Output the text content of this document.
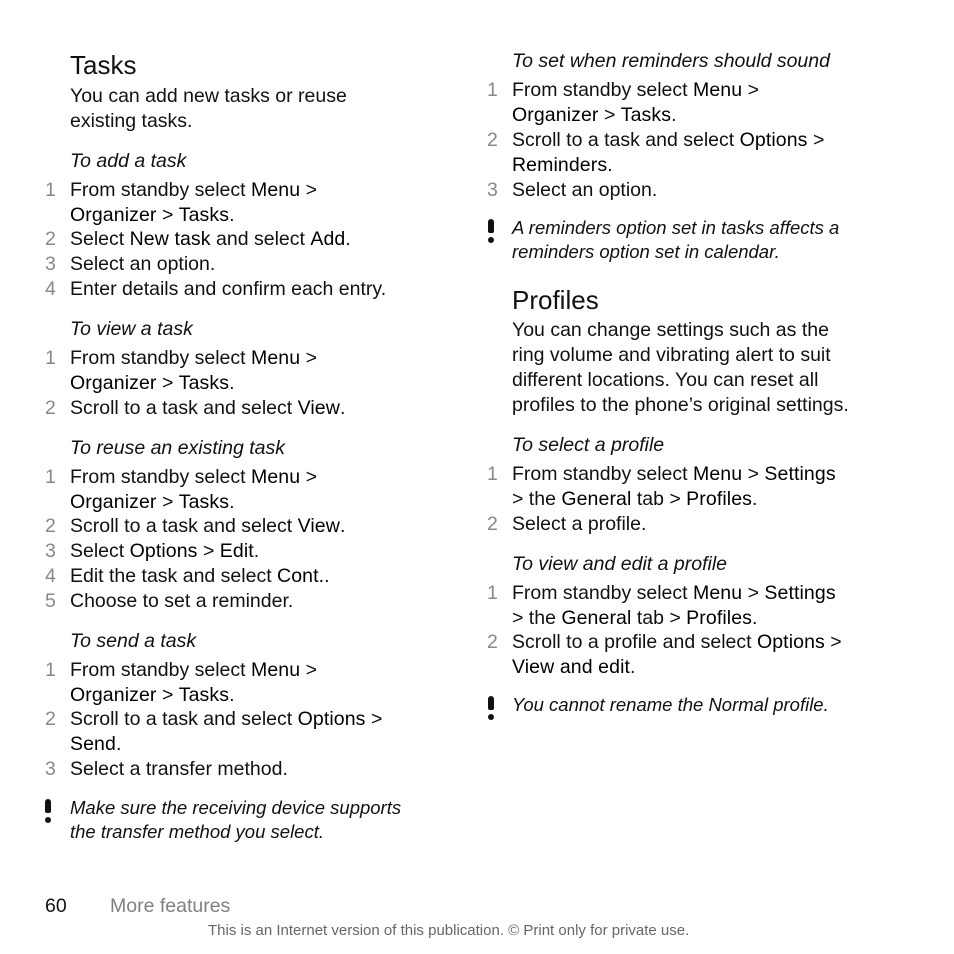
Tasks
You can add new tasks or reuse
existing tasks.
To add a task
1 From standby select Menu >
Organizer > Tasks.
2 Select New task and select Add.
3 Select an option.
4 Enter details and confirm each entry.
To view a task
1 From standby select Menu >
Organizer > Tasks.
2 Scroll to a task and select View.
To reuse an existing task
1 From standby select Menu >
Organizer > Tasks.
2 Scroll to a task and select View.
3 Select Options > Edit.
4 Edit the task and select Cont..
5 Choose to set a reminder.
To send a task
1 From standby select Menu >
Organizer > Tasks.
2 Scroll to a task and select Options >
Send.
3 Select a transfer method.
Make sure the receiving device supports
the transfer method you select.
To set when reminders should sound
1 From standby select Menu >
Organizer > Tasks.
2 Scroll to a task and select Options >
Reminders.
3 Select an option.
A reminders option set in tasks affects a
reminders option set in calendar.
Profiles
You can change settings such as the
ring volume and vibrating alert to suit
different locations. You can reset all
profiles to the phone’s original settings.
To select a profile
1 From standby select Menu > Settings
> the General tab > Profiles.
2 Select a profile.
To view and edit a profile
1 From standby select Menu > Settings
> the General tab > Profiles.
2 Scroll to a profile and select Options >
View and edit.
You cannot rename the Normal profile.
60 More features
This is an Internet version of this publication. © Print only for private use.
